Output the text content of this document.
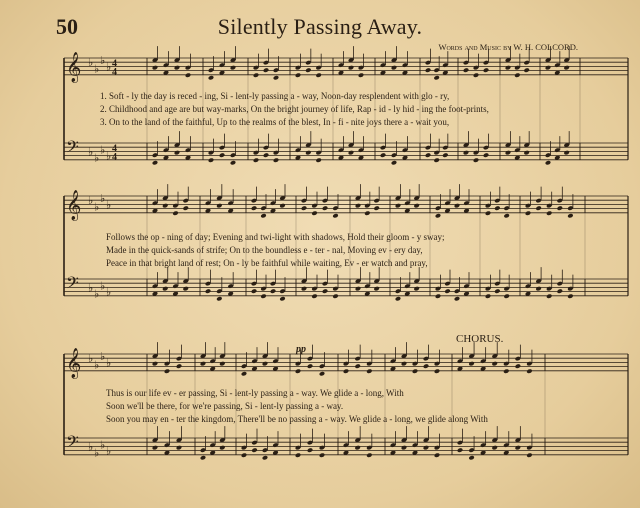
50	Silently Passing Away.
Words and Music by W. H. COLCORD.
𝄞 ♭ ♭
♭ ♭ 4
4
𝄢 ♭ ♭
♭ ♭
4
4
𝄞 ♭ ♭
♭ ♭
𝄢 ♭ ♭
♭ ♭
𝄞 ♭ ♭
♭ ♭
𝄢 ♭ ♭
♭ ♭
1. Soft - ly the day is reced - ing, Si - lent-ly passing a - way, Noon-day resplendent with glo - ry,
2. Childhood and age are but way-marks, On the bright journey of life, Rap - id - ly hid - ing the foot-prints,
3. On to the land of the faithful, Up to the realms of the blest, In - fi - nite joys there a - wait you,
Follows the op - ning of day; Evening and twi-light with shadows, Hold their gloom - y sway;
Made in the quick-sands of strife; On to the boundless e - ter - nal, Moving ev - ery day,
Peace in that bright land of rest; On - ly be faithful while waiting, Ev - er watch and pray,
CHORUS.
pp
Thus is our life ev - er passing, Si - lent-ly passing a - way. We glide a - long, With
Soon we'll be there, for we're passing, Si - lent-ly passing a - way.
Soon you may en - ter the kingdom, There'll be no passing a - way. We glide a - long, we glide along With
